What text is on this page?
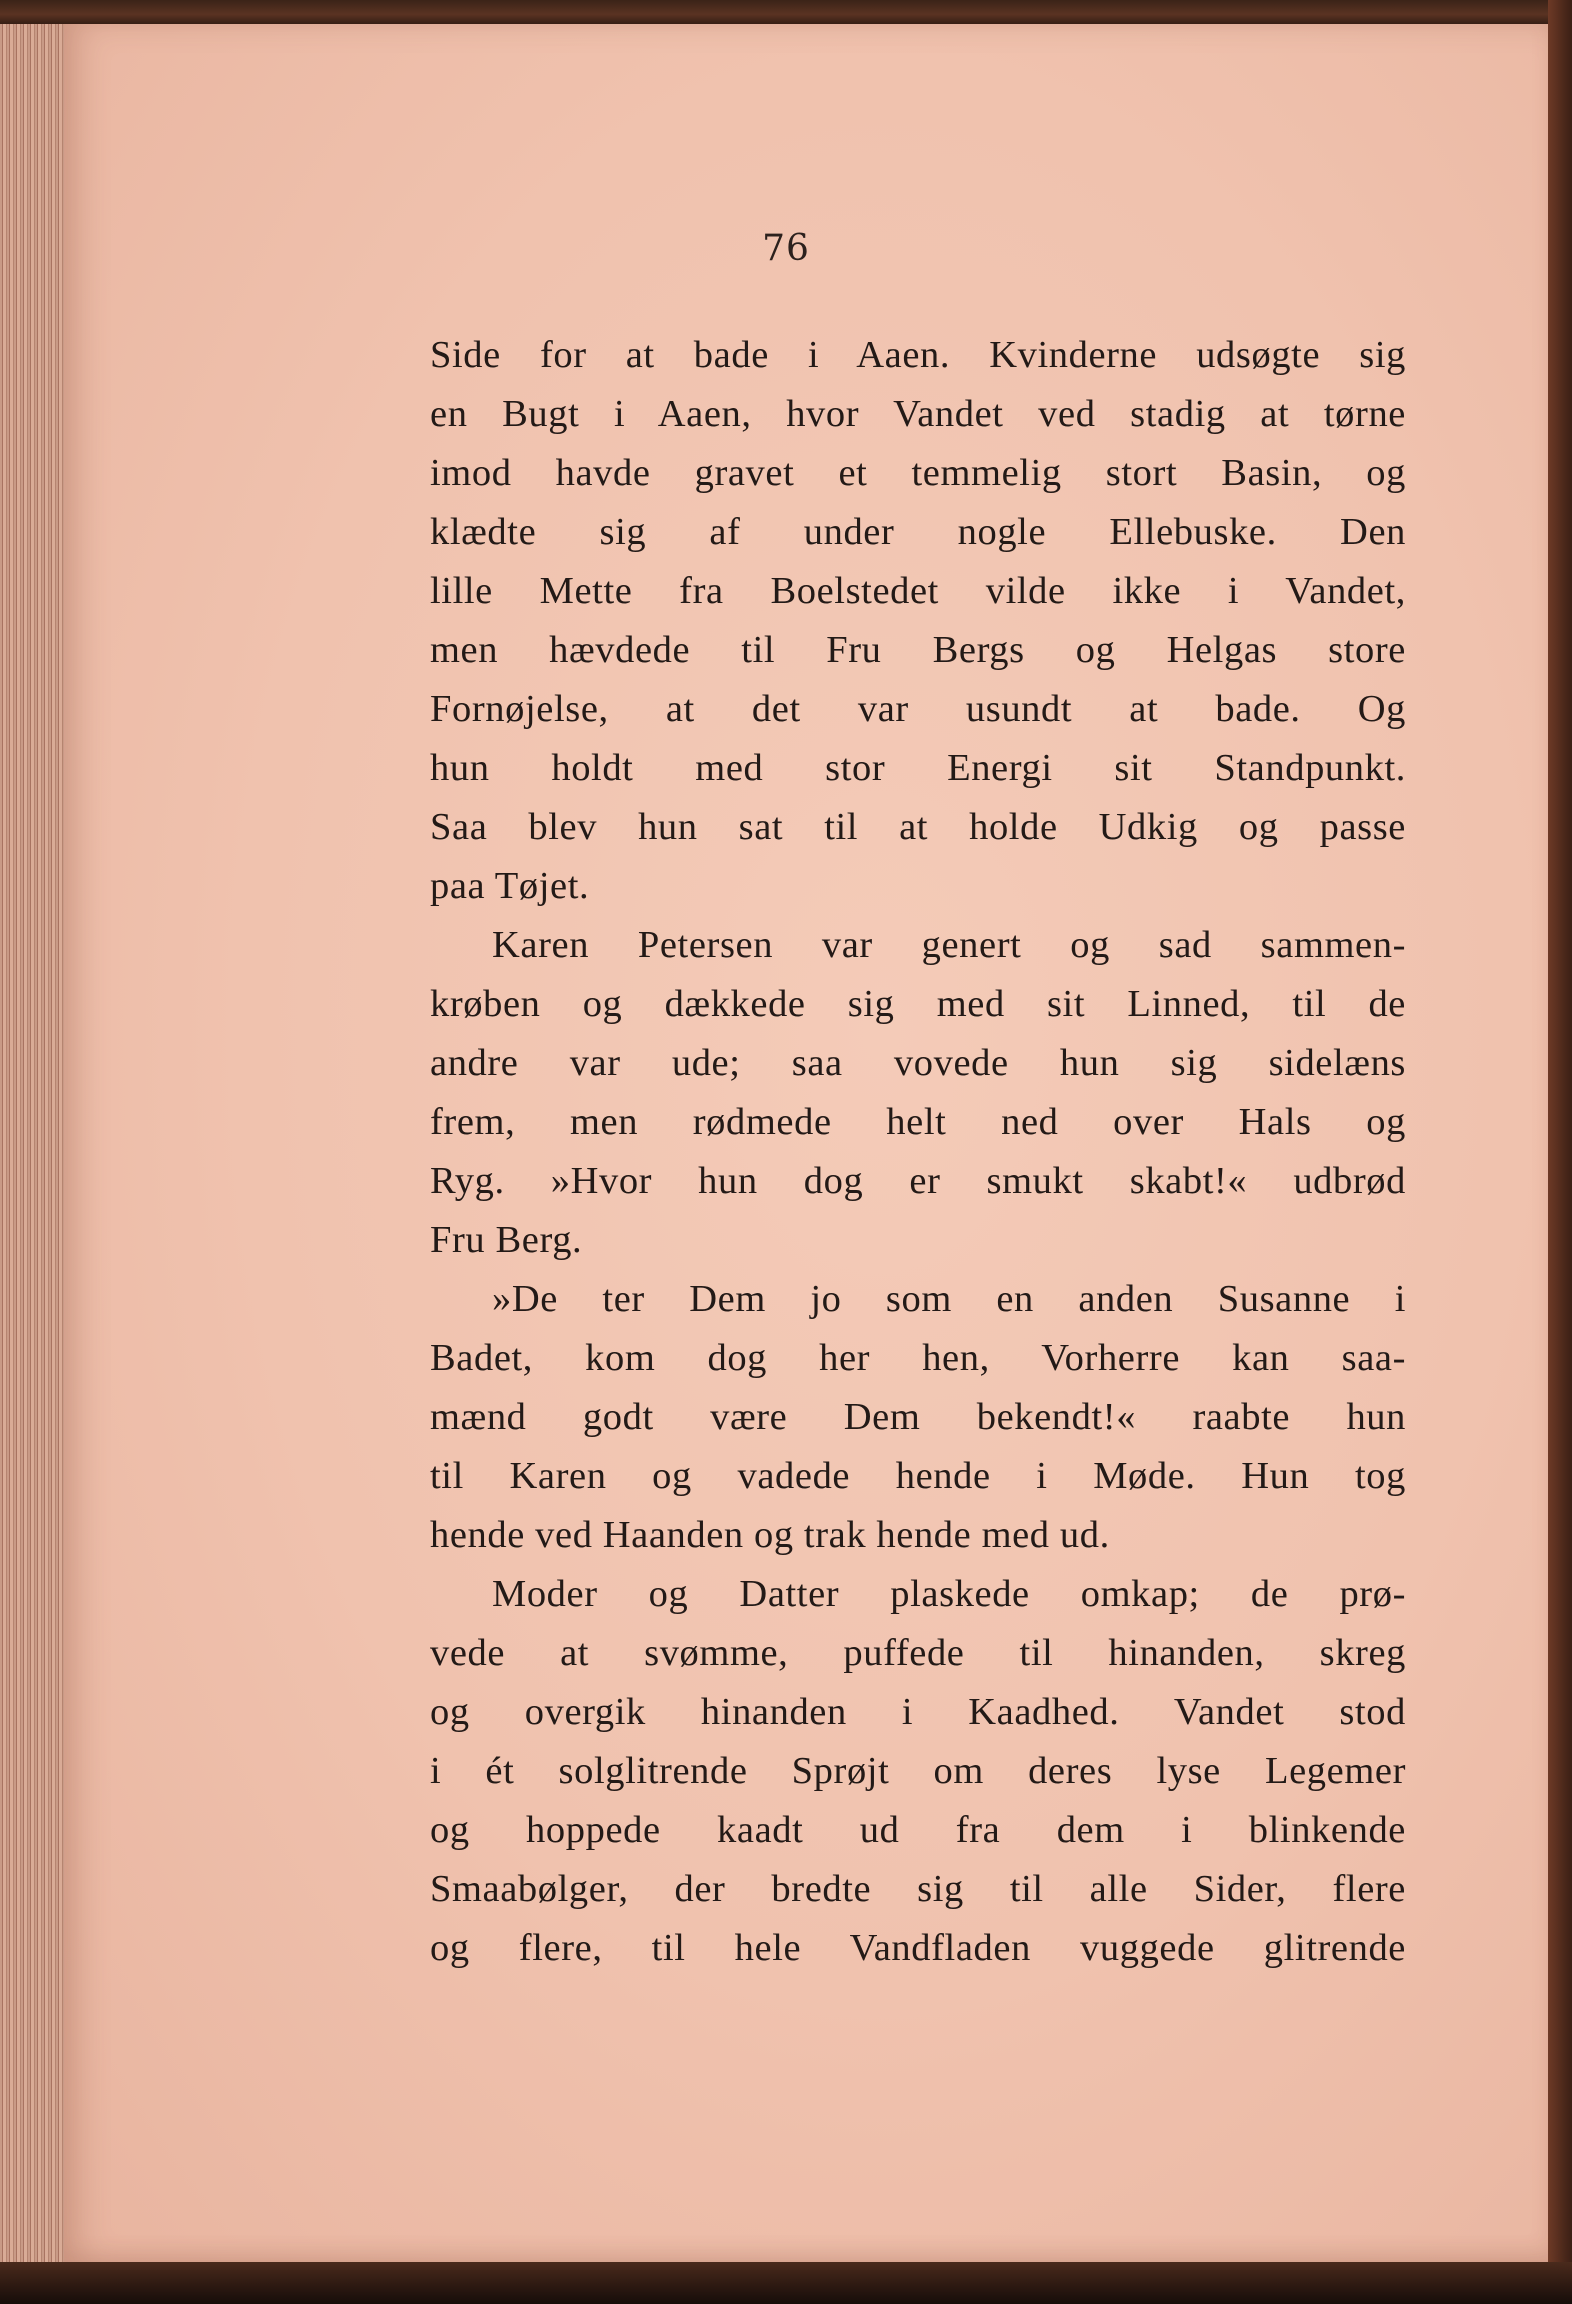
76
Side for at bade i Aaen. Kvinderne udsøgte sig
en Bugt i Aaen, hvor Vandet ved stadig at tørne
imod havde gravet et temmelig stort Basin, og
klædte sig af under nogle Ellebuske. Den
lille Mette fra Boelstedet vilde ikke i Vandet,
men hævdede til Fru Bergs og Helgas store
Fornøjelse, at det var usundt at bade. Og
hun holdt med stor Energi sit Standpunkt.
Saa blev hun sat til at holde Udkig og passe
paa Tøjet.
Karen Petersen var genert og sad sammen-
krøben og dækkede sig med sit Linned, til de
andre var ude; saa vovede hun sig sidelæns
frem, men rødmede helt ned over Hals og
Ryg. »Hvor hun dog er smukt skabt!« udbrød
Fru Berg.
»De ter Dem jo som en anden Susanne i
Badet, kom dog her hen, Vorherre kan saa-
mænd godt være Dem bekendt!« raabte hun
til Karen og vadede hende i Møde. Hun tog
hende ved Haanden og trak hende med ud.
Moder og Datter plaskede omkap; de prø-
vede at svømme, puffede til hinanden, skreg
og overgik hinanden i Kaadhed. Vandet stod
i ét solglitrende Sprøjt om deres lyse Legemer
og hoppede kaadt ud fra dem i blinkende
Smaabølger, der bredte sig til alle Sider, flere
og flere, til hele Vandfladen vuggede glitrende
